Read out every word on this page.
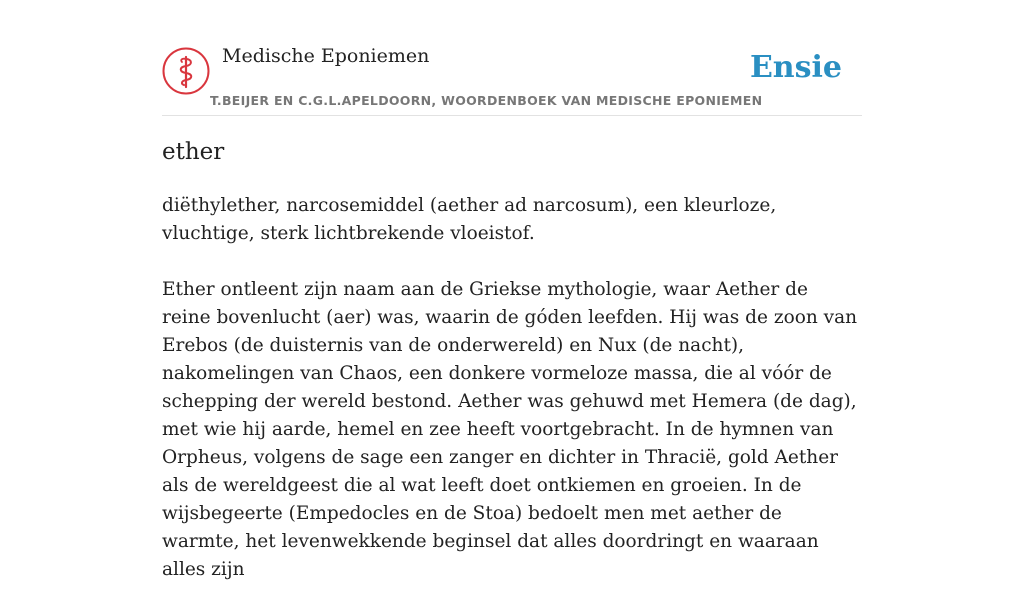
Medische Eponiemen
T.BEIJER EN C.G.L.APELDOORN, WOORDENBOEK VAN MEDISCHE EPONIEMEN
Ensie
ether

diëthylether, narcosemiddel (aether ad narcosum), een kleurloze, vluchtige, sterk lichtbrekende vloeistof.

Ether ontleent zijn naam aan de Griekse mythologie, waar Aether de reine bovenlucht (aer) was, waarin de góden leefden. Hij was de zoon van Erebos (de duisternis van de onderwereld) en Nux (de nacht), nakomelingen van Chaos, een donkere vormeloze massa, die al vóór de schepping der wereld bestond. Aether was gehuwd met Hemera (de dag), met wie hij aarde, hemel en zee heeft voortgebracht. In de hymnen van Orpheus, volgens de sage een zanger en dichter in Thracië, gold Aether als de wereldgeest die al wat leeft doet ontkiemen en groeien. In de wijsbegeerte (Empedocles en de Stoa) bedoelt men met aether de warmte, het levenwekkende beginsel dat alles doordringt en waaraan alles zijn
